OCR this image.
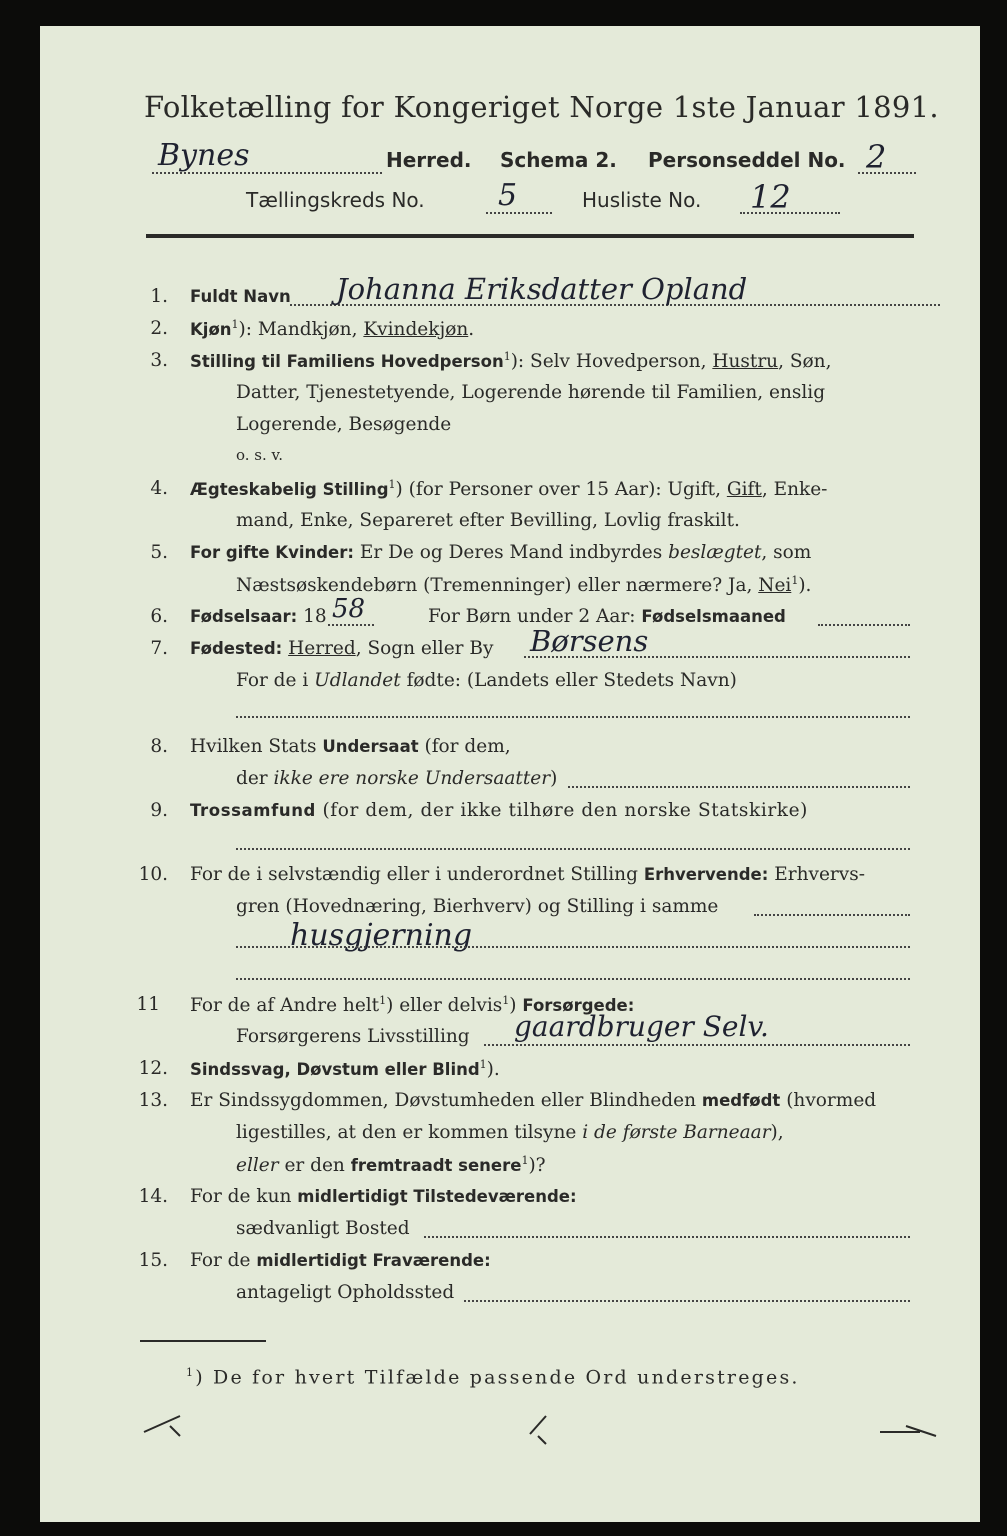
Folketælling for Kongeriget Norge 1ste Januar 1891.
Bynes	Herred. Schema 2. Personseddel No. 2
Tællingskreds No. 5	Husliste No. 12
1. Fuldt Navn Johanna Eriksdatter Opland
2. Kjøn$^1$): Mandkjøn, Kvindekjøn.
3. Stilling til Familiens Hovedperson$^1$): Selv Hovedperson, Hustru, Søn,
Datter, Tjenestetyende, Logerende hørende til Familien, enslig
Logerende, Besøgende
o. s. v.
4. Ægteskabelig Stilling$^1$) (for Personer over 15 Aar): Ugift, Gift, Enke-
mand, Enke, Separeret efter Bevilling, Lovlig fraskilt.
5. For gifte Kvinder: Er De og Deres Mand indbyrdes beslægtet, som
Næstsøskendebørn (Tremenninger) eller nærmere? Ja, Nei$^1$).
6. Fødselsaar: 18 58	For Børn under 2 Aar: Fødselsmaaned
7. Fødested: Herred, Sogn eller By Børsens
For de i Udlandet fødte: (Landets eller Stedets Navn)
8. Hvilken Stats Undersaat (for dem,
der ikke ere norske Undersaatter)
9. Trossamfund (for dem, der ikke tilhøre den norske Statskirke)
10. For de i selvstændig eller i underordnet Stilling Erhvervende: Erhvervs-
gren (Hovednæring, Bierhverv) og Stilling i samme
husgjerning
11 For de af Andre helt$^1$) eller delvis$^1$) Forsørgede:
Forsørgerens Livsstilling gaardbruger Selv.
12. Sindssvag, Døvstum eller Blind$^1$).
13. Er Sindssygdommen, Døvstumheden eller Blindheden medfødt (hvormed
ligestilles, at den er kommen tilsyne i de første Barneaar),
eller er den fremtraadt senere$^1$)?
14. For de kun midlertidigt Tilstedeværende:
sædvanligt Bosted
15. For de midlertidigt Fraværende:
antageligt Opholdssted
$^1$) De for hvert Tilfælde passende Ord understreges.
